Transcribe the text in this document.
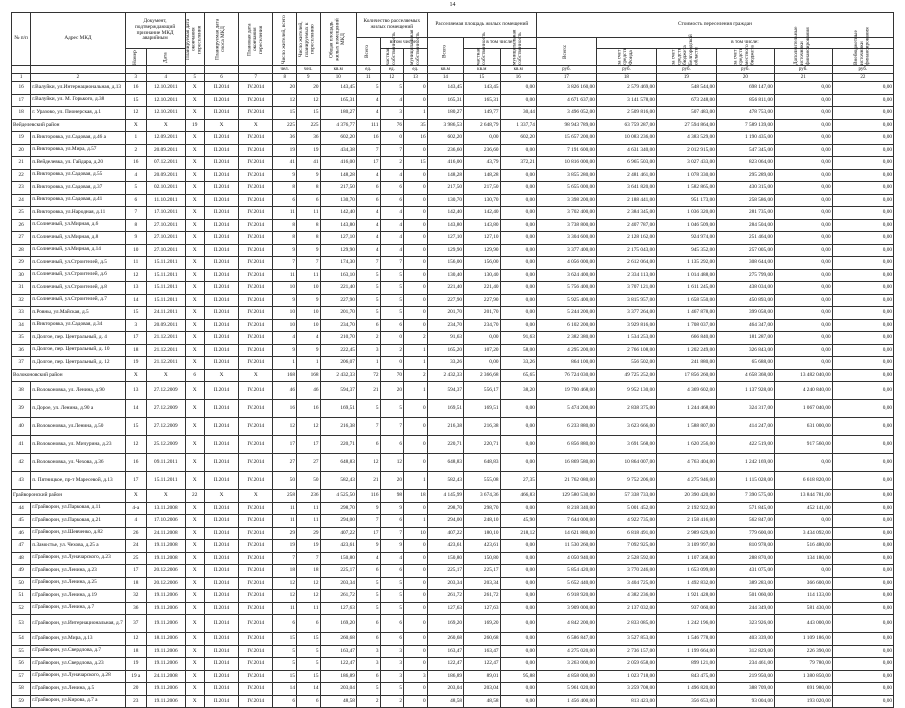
14
№ п/п	Адрес МКД	Документ, подтверждающий признание МКД аварийным		Планируемая дата окончания переселения	Планируемая дата сноса МКД	Плановая дата окончания переселения	Число жителей, всего	Число жителей, планируемых к переселению	Общая площадь жилых помещений МКД	Количество расселяемых жилых помещений			Расселяемая площадь жилых помещений			Стоимость переселения граждан					
										Всего	в том числе:		Всего	в том числе:		Всего:	в том числе:				
		Номер	Дата								частная собственность	муниципальная собственность		частная собственность	муниципальная собственность		за счет средств Фонда	за счет средств бюджета Белгородской области	за счет средств местного бюджета	Дополнительные источники финансирования	Внебюджетные источники финансирования

							чел.	чел.	кв.м	ед.	ед.	ед.	кв.м	кв.м	кв.м	руб.	руб.	руб.	руб.	руб.	руб.
1	2	3	4	5	6	7	8	9	10	11	12	13	14	15	16	17	18	19	20	21	22
16	г.Валуйки, ул.Интернациональная, д.13	16	12.10.2011	X	II.2014	IV.2014	20	20	143,45	5	5	0	143,45	143,45	0,00	3 826 160,00	2 579 469,00	548 544,00	698 147,00	0,00	0,00
17	г.Валуйки, ул. М. Горького, д.38	15	12.10.2011	X	II.2014	IV.2014	12	12	165,31	4	4	0	165,31	165,31	0,00	4 671 637,00	3 141 578,00	673 248,00	856 811,00	0,00	0,00
18	г. Уразово, ул. Пионерская, д.1	12	12.10.2011	X	II.2014	IV.2014	15	15	180,27	4	3	1	180,27	149,77	30,44	3 496 052,00	2 509 816,00	507 483,00	478 753,00	0,00	0,00
Вейделевский район		X	X	19	X	X	225	225	4 376,77	111	76	35	3 986,53	2 648,79	1 337,74	98 943 789,00	63 759 287,00	27 594 864,00	7 589 139,00	0,00	0,00
19	п.Викторовка, ул.Садовая, д.46 а	1	12.09.2011	X	II.2014	IV.2014	36	36	602,20	16	0	16	602,20	0,00	602,20	15 657 200,00	10 083 236,00	4 383 529,00	1 190 435,00	0,00	0,00
20	п.Викторовка, ул.Мира, д.57	2	20.09.2011	X	II.2014	IV.2014	19	19	434,38	7	7	0	236,60	236,60	0,00	7 191 600,00	4 631 340,00	2 012 915,00	547 345,00	0,00	0,00
21	п.Вейделевка, ул. Гайдара, д.20	16	07.12.2011	X	II.2014	IV.2014	41	41	416,00	17	2	15	416,00	43,79	372,21	10 816 000,00	6 965 503,00	3 027 433,00	823 064,00	0,00	0,00
22	п.Викторовка, ул.Садовая, д.55	4	20.09.2011	X	II.2014	IV.2014	9	9	148,28	4	4	0	148,28	148,28	0,00	3 855 280,00	2 481 461,00	1 078 330,00	295 289,00	0,00	0,00
23	п.Викторовка, ул.Садовая, д.37	5	02.10.2011	X	II.2014	IV.2014	8	8	217,50	6	6	0	217,50	217,50	0,00	5 655 000,00	3 641 820,00	1 582 865,00	430 315,00	0,00	0,00
24	п.Викторовка, ул.Садовая, д.41	6	11.10.2011	X	II.2014	IV.2014	6	6	130,70	6	6	0	130,70	130,70	0,00	3 398 200,00	2 188 441,00	951 173,00	258 586,00	0,00	0,00
25	п.Викторовка, ул.Народная, д.11	7	17.10.2011	X	II.2014	IV.2014	11	11	142,40	4	4	0	142,40	142,40	0,00	3 702 400,00	2 384 345,00	1 036 320,00	281 735,00	0,00	0,00
26	п.Солнечный, ул.Мирная, д.6	8	27.10.2011	X	II.2014	IV.2014	8	8	143,80	4	4	0	143,80	143,80	0,00	3 738 800,00	2 407 787,00	1 046 509,00	284 504,00	0,00	0,00
27	п.Солнечный, ул.Мирная, д.8	9	27.10.2011	X	II.2014	IV.2014	8	8	127,10	4	4	0	127,10	127,10	0,00	3 304 600,00	2 128 162,00	924 974,00	251 464,00	0,00	0,00
28	п.Солнечный, ул.Мирная, д.14	10	27.10.2011	X	II.2014	IV.2014	9	9	129,90	4	4	0	129,90	129,90	0,00	3 377 400,00	2 175 043,00	945 352,00	257 005,00	0,00	0,00
29	п.Солнечный, ул.Строителей, д.5	11	15.11.2011	X	II.2014	IV.2014	7	7	174,30	7	7	0	156,00	156,00	0,00	4 056 000,00	2 612 064,00	1 135 292,00	308 644,00	0,00	0,00
30	п.Солнечный, ул.Строителей, д.6	12	15.11.2011	X	II.2014	IV.2014	11	11	163,10	5	5	0	130,40	130,40	0,00	3 624 400,00	2 334 113,00	1 014 488,00	275 799,00	0,00	0,00
31	п.Солнечный, ул.Строителей, д.8	13	15.11.2011	X	II.2014	IV.2014	10	10	221,40	5	5	0	221,40	221,40	0,00	5 756 400,00	3 707 121,00	1 611 245,00	438 034,00	0,00	0,00
32	п.Солнечный, ул.Строителей, д.7	14	15.11.2011	X	II.2014	IV.2014	9	9	227,90	5	5	0	227,90	227,90	0,00	5 925 400,00	3 815 957,00	1 658 550,00	450 893,00	0,00	0,00
33	п.Ровны, ул.Майская, д.5	15	24.11.2011	X	II.2014	IV.2014	10	10	201,70	5	5	0	201,70	201,70	0,00	5 244 200,00	3 377 264,00	1 467 878,00	399 058,00	0,00	0,00
34	п.Викторовка, ул.Садовая, д.34	3	20.09.2011	X	II.2014	IV.2014	10	10	234,70	6	6	0	234,70	234,70	0,00	6 102 200,00	3 929 816,00	1 708 037,00	464 347,00	0,00	0,00
35	п.Долгое, пер. Центральный, д. 4	17	21.12.2011	X	II.2014	IV.2014	4	4	210,70	2	0	2	91,63	0,00	91,63	2 382 380,00	1 534 253,00	666 840,00	181 287,00	0,00	0,00
36	п.Долгое, пер. Центральный, д. 10	18	21.12.2011	X	II.2014	IV.2014	9	9	222,45	3	2	1	165,20	107,20	58,00	4 295 200,00	2 766 108,00	1 202 249,00	326 843,00	0,00	0,00
37	п.Долгое, пер. Центральный, д. 12	19	21.12.2011	X	II.2014	IV.2014	1	1	206,07	1	0	1	33,26	0,00	33,26	864 100,00	556 502,00	241 880,00	65 688,00	0,00	0,00
Волоконовский район		X	X	6	X	X	168	168	2 432,33	72	70	2	2 432,33	2 366,68	65,65	76 724 030,00	49 725 252,00	17 856 260,00	4 658 368,00	13 482 040,00	0,00
38	п.Волоконовка, ул. Ленина, д.90	13	27.12.2009	X	II.2014	IV.2014	46	46	594,37	21	20	1	594,37	556,17	38,20	19 700 468,00	9 952 130,00	4 369 602,00	1 137 928,00	4 240 840,00	0,00
39	п.Дорое, ул. Ленина, д.90 а	14	27.12.2009	X	II.2014	IV.2014	16	16	169,51	5	5	0	169,51	169,51	0,00	5 474 200,00	2 838 375,00	1 244 468,00	324 317,00	1 067 040,00	0,00
40	п.Волоконовка, ул.Ленина, д.50	15	27.12.2009	X	II.2014	IV.2014	12	12	216,38	7	7	0	216,38	216,38	0,00	6 233 880,00	3 623 666,00	1 588 807,00	414 247,00	631 000,00	0,00
41	п.Волоконовка, ул. Мичурина, д.23	12	25.12.2009	X	II.2014	IV.2014	17	17	220,71	6	6	0	220,71	220,71	0,00	6 856 880,00	3 691 568,00	1 620 256,00	422 519,00	917 560,00	0,00
42	п.Волоконовка, ул. Чехова, д.36	16	09.11.2011	X	II.2014	IV.2014	27	27	648,83	12	12	0	648,83	648,83	0,00	16 869 580,00	10 864 007,00	4 763 404,00	1 242 169,00	0,00	0,00
43	п. Пятницкое, пр-т Маресевой, д.13	17	15.11.2011	X	II.2014	IV.2014	50	50	582,43	21	20	1	582,43	555,08	27,35	21 762 080,00	9 752 206,00	4 275 946,00	1 115 028,00	6 618 820,00	0,00
Грайворонский район		X	X	22	X	X	258	236	4 525,50	116	98	18	4 145,99	3 674,36	466,83	129 580 530,00	57 338 733,00	20 390 420,00	7 390 575,00	13 844 781,00	0,00
44	г.Грайворон, ул.Парковая, д.11	4-а	13.11.2008	X	II.2014	IV.2014	11	11	298,70	9	9	0	298,70	298,70	0,00	8 218 340,00	5 001 452,00	2 192 922,00	571 845,00	452 141,00	0,00
45	г.Грайворон, ул.Парковая, д.21	4	17.10.2006	X	II.2014	IV.2014	11	11	294,00	7	6	1	294,00	248,10	45,90	7 644 000,00	4 922 735,00	2 158 416,00	562 847,00	0,00	0,00
46	г.Грайворон, ул.Шевченко, д.82	26	24.11.2008	X	II.2014	IV.2014	29	29	407,22	17	7	10	407,22	180,10	218,12	14 621 880,00	6 818 491,00	2 989 629,00	779 600,00	3 434 092,00	0,00
47	п.Замостье, ул. Чехова, д.25 а	24	19.11.2008	X	II.2014	IV.2014	19	19	423,61	9	9	0	423,61	423,61	0,00	11 530 260,00	7 092 925,00	3 109 997,00	810 978,00	516 480,00	0,00
48	г.Грайворон, ул.Луначарского, д.23	25	19.11.2008	X	II.2014	IV.2014	7	7	150,80	4	4	0	150,80	150,80	0,00	4 050 940,00	2 528 592,00	1 107 368,00	288 870,00	134 180,00	0,00
49	г.Грайворон, ул.Ленина, д.23	17	20.12.2006	X	II.2014	IV.2014	18	18	225,17	6	6	0	225,17	225,17	0,00	5 854 420,00	3 770 246,00	1 653 099,00	431 075,00	0,00	0,00
50	г.Грайворон, ул.Ленина, д.25	18	20.12.2006	X	II.2014	IV.2014	12	12	203,34	5	5	0	203,34	203,34	0,00	5 652 440,00	3 404 725,00	1 492 832,00	389 283,00	366 600,00	0,00
51	г.Грайворон, ул.Ленина, д.19	32	19.11.2006	X	II.2014	IV.2014	12	12	261,72	5	5	0	261,72	261,72	0,00	6 918 920,00	4 382 236,00	1 921 428,00	501 060,00	114 133,00	0,00
52	г.Грайворон, ул.Ленина, д.7	36	19.11.2006	X	II.2014	IV.2014	11	11	127,63	5	5	0	127,63	127,63	0,00	3 909 000,00	2 137 032,00	937 060,00	244 349,00	581 430,00	0,00
53	г.Грайворон, ул.Интернациональная, д.7	37	19.11.2006	X	II.2014	IV.2014	6	6	169,20	6	6	0	169,20	169,20	0,00	4 842 200,00	2 833 085,00	1 242 196,00	323 926,00	443 000,00	0,00
54	г.Грайворон, ул.Мира, д.13	12	18.11.2006	X	II.2014	IV.2014	15	15	260,68	6	6	0	260,68	260,68	0,00	6 586 847,00	3 527 853,00	1 546 778,00	403 339,00	1 109 186,00	0,00
55	г.Грайворон, ул.Свердлова, д.7	18	19.11.2006	X	II.2014	IV.2014	5	5	163,47	3	3	0	163,47	163,47	0,00	4 275 020,00	2 736 157,00	1 199 664,00	312 829,00	226 390,00	0,00
56	г.Грайворон, ул.Свердлова, д.23	19	19.11.2006	X	II.2014	IV.2014	5	5	122,47	3	3	0	122,47	122,47	0,00	3 263 000,00	2 059 658,00	899 121,00	234 461,00	79 780,00	0,00
57	г.Грайворон, ул.Луначарского, д.28	19 а	24.11.2008	X	II.2014	IV.2014	15	15	186,89	6	3	3	186,89	89,01	95,88	4 858 000,00	1 023 718,00	843 475,00	219 950,00	1 380 850,00	0,00
58	г.Грайворон, ул.Ленина, д.5	20	19.11.2006	X	II.2014	IV.2014	14	14	203,04	5	5	0	203,04	203,04	0,00	5 961 020,00	3 259 708,00	1 496 820,00	388 709,00	691 980,00	0,00
59	г.Грайворон, ул.Кирова, д.7 а	23	19.11.2006	X	II.2014	IV.2014	6	6	48,58	2	2	0	48,58	48,58	0,00	1 456 400,00	813 423,00	356 653,00	93 004,00	193 020,00	0,00
